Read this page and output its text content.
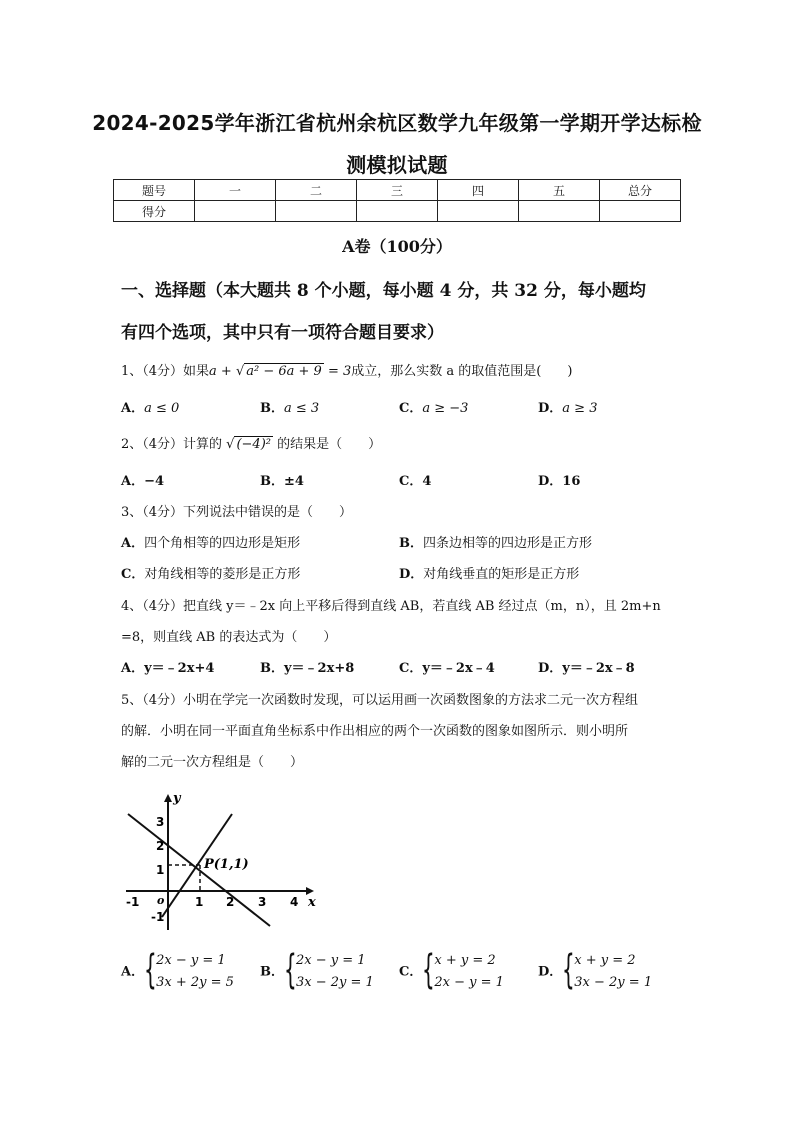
2024-2025学年浙江省杭州余杭区数学九年级第一学期开学达标检
测模拟试题
题号	一	二	三	四	五	总分
得分						
A卷（100分）
一、选择题（本大题共 8 个小题，每小题 4 分，共 32 分，每小题均
有四个选项，其中只有一项符合题目要求）
1、（4分）如果a + √ a² − 6a + 9 = 3成立，那么实数 a 的取值范围是(　　)
A．a ≤ 0	B．a ≤ 3	C．a ≥ −3	D．a ≥ 3
2、（4分）计算的 √ (−4)² 的结果是（　　）
A．−4	B．±4	C．4	D．16
3、（4分）下列说法中错误的是（　　）
A．四个角相等的四边形是矩形	B．四条边相等的四边形是正方形
C．对角线相等的菱形是正方形	D．对角线垂直的矩形是正方形
4、（4分）把直线 y＝﹣2x 向上平移后得到直线 AB，若直线 AB 经过点（m，n），且 2m+n
=8，则直线 AB 的表达式为（　　）
A．y＝﹣2x+4	B．y＝﹣2x+8	C．y＝﹣2x﹣4	D．y＝﹣2x﹣8
5、（4分）小明在学完一次函数时发现，可以运用画一次函数图象的方法求二元一次方程组
的解．小明在同一平面直角坐标系中作出相应的两个一次函数的图象如图所示．则小明所
解的二元一次方程组是（　　）
y
x
o
-1	1 2 3 4
3
2
1
-1
P(1,1)
A．{ 2x − y = 1
3x + 2y = 5
B．{ 2x − y = 1
3x − 2y = 1
C．{ x + y = 2
2x − y = 1
D．{ x + y = 2
3x − 2y = 1
